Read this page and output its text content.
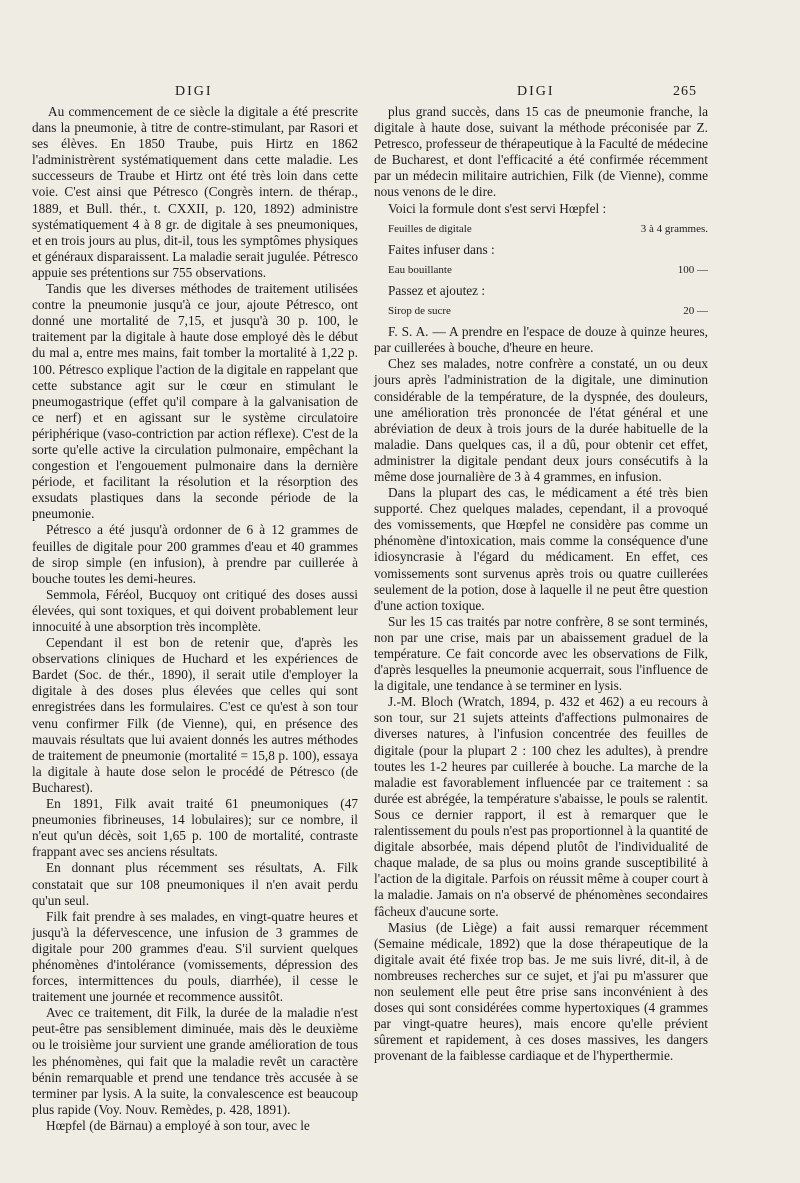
DIGI	DIGI	265

Au commencement de ce siècle la digitale a été prescrite dans la pneumonie, à titre de contre-stimulant, par Rasori et ses élèves. En 1850 Traube, puis Hirtz en 1862 l'administrèrent systématiquement dans cette maladie. Les successeurs de Traube et Hirtz ont été très loin dans cette voie. C'est ainsi que Pétresco (Congrès intern. de thérap., 1889, et Bull. thér., t. CXXII, p. 120, 1892) administre systématiquement 4 à 8 gr. de digitale à ses pneumoniques, et en trois jours au plus, dit-il, tous les symptômes physiques et généraux disparaissent. La maladie serait jugulée. Pétresco appuie ses prétentions sur 755 observations.

Tandis que les diverses méthodes de traitement utilisées contre la pneumonie jusqu'à ce jour, ajoute Pétresco, ont donné une mortalité de 7,15, et jusqu'à 30 p. 100, le traitement par la digitale à haute dose employé dès le début du mal a, entre mes mains, fait tomber la mortalité à 1,22 p. 100. Pétresco explique l'action de la digitale en rappelant que cette substance agit sur le cœur en stimulant le pneumogastrique (effet qu'il compare à la galvanisation de ce nerf) et en agissant sur le système circulatoire périphérique (vaso-contriction par action réflexe). C'est de la sorte qu'elle active la circulation pulmonaire, empêchant la congestion et l'engouement pulmonaire dans la dernière période, et facilitant la résolution et la résorption des exsudats plastiques dans la seconde période de la pneumonie.

Pétresco a été jusqu'à ordonner de 6 à 12 grammes de feuilles de digitale pour 200 grammes d'eau et 40 grammes de sirop simple (en infusion), à prendre par cuillerée à bouche toutes les demi-heures.

Semmola, Féréol, Bucquoy ont critiqué des doses aussi élevées, qui sont toxiques, et qui doivent probablement leur innocuité à une absorption très incomplète.

Cependant il est bon de retenir que, d'après les observations cliniques de Huchard et les expériences de Bardet (Soc. de thér., 1890), il serait utile d'employer la digitale à des doses plus élevées que celles qui sont enregistrées dans les formulaires. C'est ce qu'est à son tour venu confirmer Filk (de Vienne), qui, en présence des mauvais résultats que lui avaient donnés les autres méthodes de traitement de pneumonie (mortalité = 15,8 p. 100), essaya la digitale à haute dose selon le procédé de Pétresco (de Bucharest).

En 1891, Filk avait traité 61 pneumoniques (47 pneumonies fibrineuses, 14 lobulaires); sur ce nombre, il n'eut qu'un décès, soit 1,65 p. 100 de mortalité, contraste frappant avec ses anciens résultats.

En donnant plus récemment ses résultats, A. Filk constatait que sur 108 pneumoniques il n'en avait perdu qu'un seul.

Filk fait prendre à ses malades, en vingt-quatre heures et jusqu'à la défervescence, une infusion de 3 grammes de digitale pour 200 grammes d'eau. S'il survient quelques phénomènes d'intolérance (vomissements, dépression des forces, intermittences du pouls, diarrhée), il cesse le traitement une journée et recommence aussitôt.

Avec ce traitement, dit Filk, la durée de la maladie n'est peut-être pas sensiblement diminuée, mais dès le deuxième ou le troisième jour survient une grande amélioration de tous les phénomènes, qui fait que la maladie revêt un caractère bénin remarquable et prend une tendance très accusée à se terminer par lysis. A la suite, la convalescence est beaucoup plus rapide (Voy. Nouv. Remèdes, p. 428, 1891).

Hœpfel (de Bärnau) a employé à son tour, avec le

plus grand succès, dans 15 cas de pneumonie franche, la digitale à haute dose, suivant la méthode préconisée par Z. Petresco, professeur de thérapeutique à la Faculté de médecine de Bucharest, et dont l'efficacité a été confirmée récemment par un médecin militaire autrichien, Filk (de Vienne), comme nous venons de le dire.

Voici la formule dont s'est servi Hœpfel :

Feuilles de digitale	3 à 4 grammes.
Faites infuser dans :
Eau bouillante	100 —
Passez et ajoutez :
Sirop de sucre	20 —

F. S. A. — A prendre en l'espace de douze à quinze heures, par cuillerées à bouche, d'heure en heure.

Chez ses malades, notre confrère a constaté, un ou deux jours après l'administration de la digitale, une diminution considérable de la température, de la dyspnée, des douleurs, une amélioration très prononcée de l'état général et une abréviation de deux à trois jours de la durée habituelle de la maladie. Dans quelques cas, il a dû, pour obtenir cet effet, administrer la digitale pendant deux jours consécutifs à la même dose journalière de 3 à 4 grammes, en infusion.

Dans la plupart des cas, le médicament a été très bien supporté. Chez quelques malades, cependant, il a provoqué des vomissements, que Hœpfel ne considère pas comme un phénomène d'intoxication, mais comme la conséquence d'une idiosyncrasie à l'égard du médicament. En effet, ces vomissements sont survenus après trois ou quatre cuillerées seulement de la potion, dose à laquelle il ne peut être question d'une action toxique.

Sur les 15 cas traités par notre confrère, 8 se sont terminés, non par une crise, mais par un abaissement graduel de la température. Ce fait concorde avec les observations de Filk, d'après lesquelles la pneumonie acquerrait, sous l'influence de la digitale, une tendance à se terminer en lysis.

J.-M. Bloch (Wratch, 1894, p. 432 et 462) a eu recours à son tour, sur 21 sujets atteints d'affections pulmonaires de diverses natures, à l'infusion concentrée des feuilles de digitale (pour la plupart 2 : 100 chez les adultes), à prendre toutes les 1-2 heures par cuillerée à bouche. La marche de la maladie est favorablement influencée par ce traitement : sa durée est abrégée, la température s'abaisse, le pouls se ralentit. Sous ce dernier rapport, il est à remarquer que le ralentissement du pouls n'est pas proportionnel à la quantité de digitale absorbée, mais dépend plutôt de l'individualité de chaque malade, de sa plus ou moins grande susceptibilité à l'action de la digitale. Parfois on réussit même à couper court à la maladie. Jamais on n'a observé de phénomènes secondaires fâcheux d'aucune sorte.

Masius (de Liège) a fait aussi remarquer récemment (Semaine médicale, 1892) que la dose thérapeutique de la digitale avait été fixée trop bas. Je me suis livré, dit-il, à de nombreuses recherches sur ce sujet, et j'ai pu m'assurer que non seulement elle peut être prise sans inconvénient à des doses qui sont considérées comme hypertoxiques (4 grammes par vingt-quatre heures), mais encore qu'elle prévient sûrement et rapidement, à ces doses massives, les dangers provenant de la faiblesse cardiaque et de l'hyperthermie.
